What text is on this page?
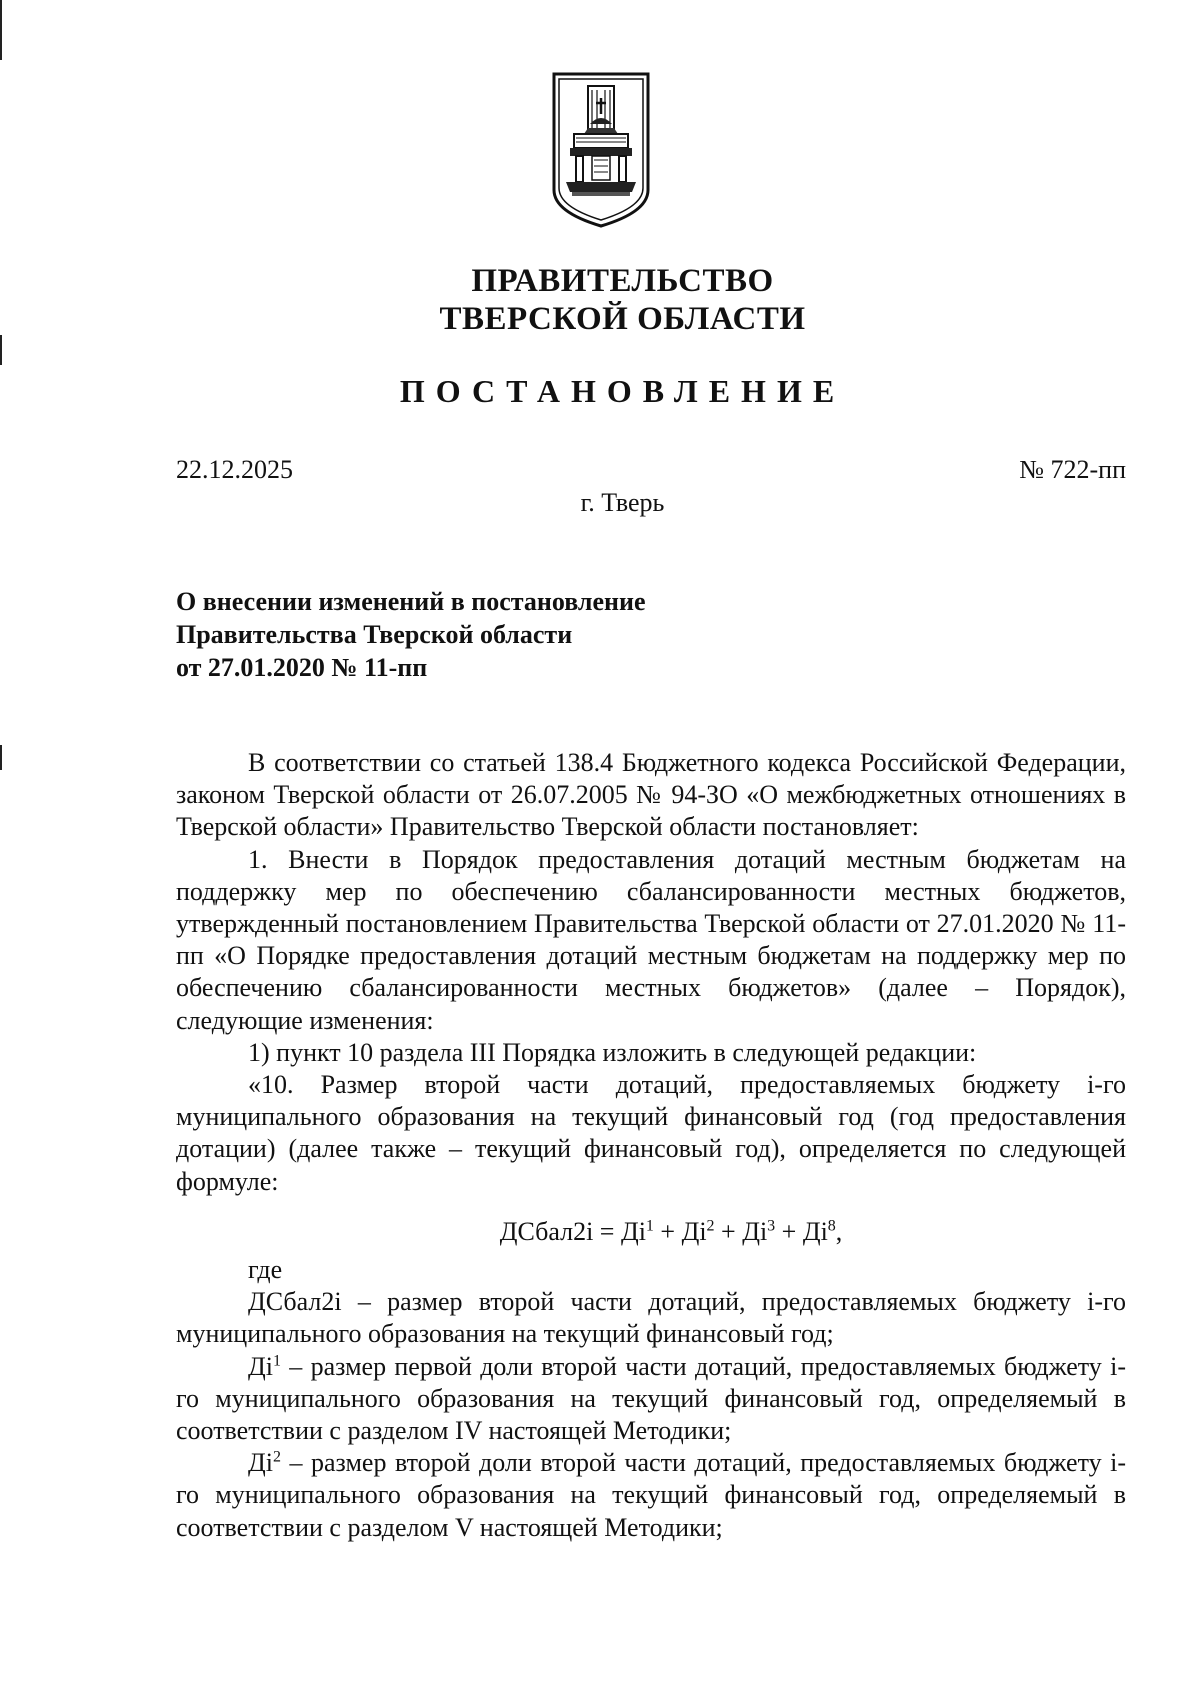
ПРАВИТЕЛЬСТВО
ТВЕРСКОЙ ОБЛАСТИ
ПОСТАНОВЛЕНИЕ
22.12.2025	№ 722-пп
г. Тверь
О внесении изменений в постановление
Правительства Тверской области
от 27.01.2020 № 11-пп

В соответствии со статьей 138.4 Бюджетного кодекса Российской Федерации, законом Тверской области от 26.07.2005 № 94-ЗО «О межбюджетных отношениях в Тверской области» Правительство Тверской области постановляет:

1. Внести в Порядок предоставления дотаций местным бюджетам на поддержку мер по обеспечению сбалансированности местных бюджетов, утвержденный постановлением Правительства Тверской области от 27.01.2020 № 11-пп «О Порядке предоставления дотаций местным бюджетам на поддержку мер по обеспечению сбалансированности местных бюджетов» (далее – Порядок), следующие изменения:

1) пункт 10 раздела III Порядка изложить в следующей редакции:

«10. Размер второй части дотаций, предоставляемых бюджету i-го муниципального образования на текущий финансовый год (год предоставления дотации) (далее также – текущий финансовый год), определяется по следующей формуле:

ДСбал2i = $Дi^1 + Дi^2 + Дi^3 + Дi^8$,

где

ДСбал2i – размер второй части дотаций, предоставляемых бюджету i-го муниципального образования на текущий финансовый год;

$Дi^1$ – размер первой доли второй части дотаций, предоставляемых бюджету i-го муниципального образования на текущий финансовый год, определяемый в соответствии с разделом IV настоящей Методики;

$Дi^2$ – размер второй доли второй части дотаций, предоставляемых бюджету i-го муниципального образования на текущий финансовый год, определяемый в соответствии с разделом V настоящей Методики;
